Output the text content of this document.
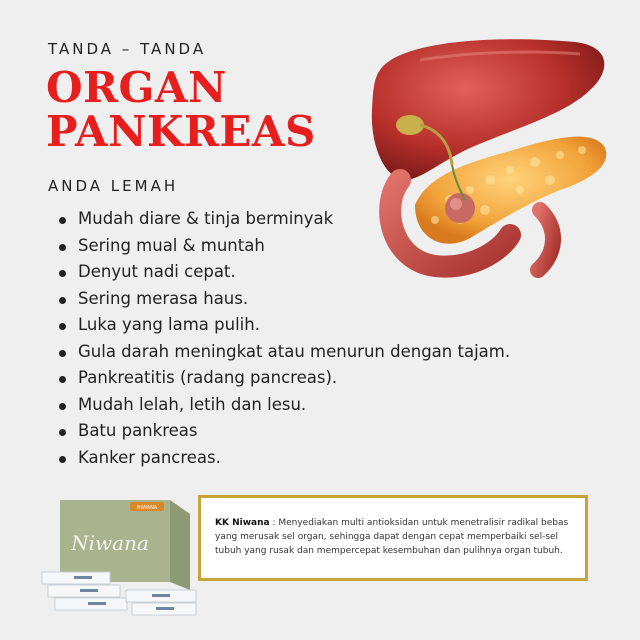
TANDA – TANDA
ORGAN
PANKREAS
ANDA LEMAH
Mudah diare & tinja berminyak
Sering mual & muntah
Denyut nadi cepat.
Sering merasa haus.
Luka yang lama pulih.
Gula darah meningkat atau menurun dengan tajam.
Pankreatitis (radang pancreas).
Mudah lelah, letih dan lesu.
Batu pankreas
Kanker pancreas.
NIWANA
Niwana
KK Niwana : Menyediakan multi antioksidan untuk menetralisir radikal bebas yang merusak sel organ, sehingga dapat dengan cepat memperbaiki sel-sel tubuh yang rusak dan mempercepat kesembuhan dan pulihnya organ tubuh.
